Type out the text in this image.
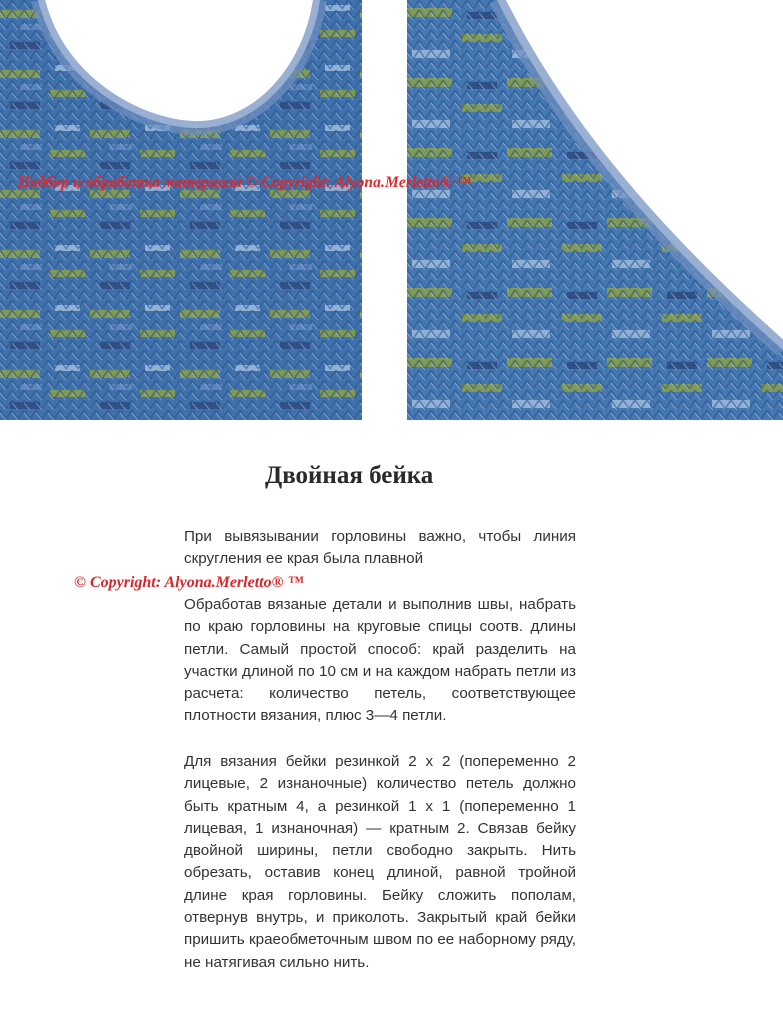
Подбор и обработка материала © Copyright: Alyona.Merletto® ™
Двойная бейка

При вывязывании горловины важно, чтобы линия скругления ее края была плавной

© Copyright: Alyona.Merletto® ™

Обработав вязаные детали и выполнив швы, набрать по краю горловины на круговые спицы соотв. длины петли. Самый простой способ: край разделить на участки длиной по 10 см и на каждом набрать петли из расчета: количество петель, соответствующее плотности вязания, плюс 3—4 петли.

Для вязания бейки резинкой 2 х 2 (попеременно 2 лицевые, 2 изнаночные) количество петель должно быть кратным 4, а резинкой 1 х 1 (попеременно 1 лицевая, 1 изнаночная) — кратным 2. Связав бейку двойной ширины, петли свободно закрыть. Нить обрезать, оставив конец длиной, равной тройной длине края горловины. Бейку сложить пополам, отвернув внутрь, и приколоть. Закрытый край бейки пришить краеобметочным швом по ее наборному ряду, не натягивая сильно нить.
